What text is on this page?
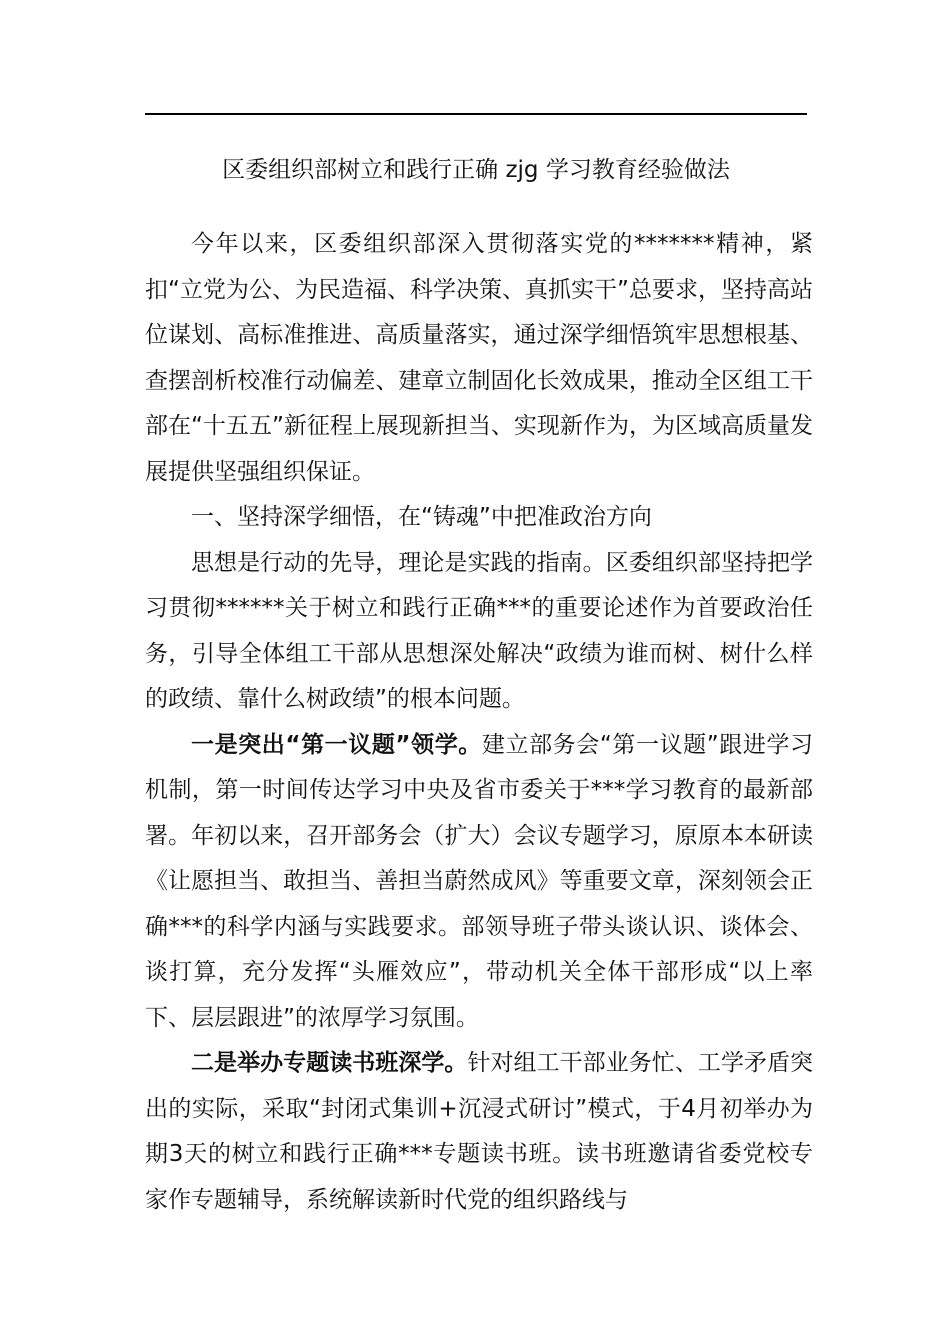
区委组织部树立和践行正确 zjg 学习教育经验做法

今年以来，区委组织部深入贯彻落实党的*******精神，紧扣“立党为公、为民造福、科学决策、真抓实干”总要求，坚持高站位谋划、高标准推进、高质量落实，通过深学细悟筑牢思想根基、查摆剖析校准行动偏差、建章立制固化长效成果，推动全区组工干部在“十五五”新征程上展现新担当、实现新作为，为区域高质量发展提供坚强组织保证。

一、坚持深学细悟，在“铸魂”中把准政治方向

思想是行动的先导，理论是实践的指南。区委组织部坚持把学习贯彻******关于树立和践行正确***的重要论述作为首要政治任务，引导全体组工干部从思想深处解决“政绩为谁而树、树什么样的政绩、靠什么树政绩”的根本问题。

一是突出“第一议题”领学。建立部务会“第一议题”跟进学习机制，第一时间传达学习中央及省市委关于***学习教育的最新部署。年初以来，召开部务会（扩大）会议专题学习，原原本本研读《让愿担当、敢担当、善担当蔚然成风》等重要文章，深刻领会正确***的科学内涵与实践要求。部领导班子带头谈认识、谈体会、谈打算，充分发挥“头雁效应”，带动机关全体干部形成“以上率下、层层跟进”的浓厚学习氛围。

二是举办专题读书班深学。针对组工干部业务忙、工学矛盾突出的实际，采取“封闭式集训+沉浸式研讨”模式，于4月初举办为期3天的树立和践行正确***专题读书班。读书班邀请省委党校专家作专题辅导，系统解读新时代党的组织路线与
